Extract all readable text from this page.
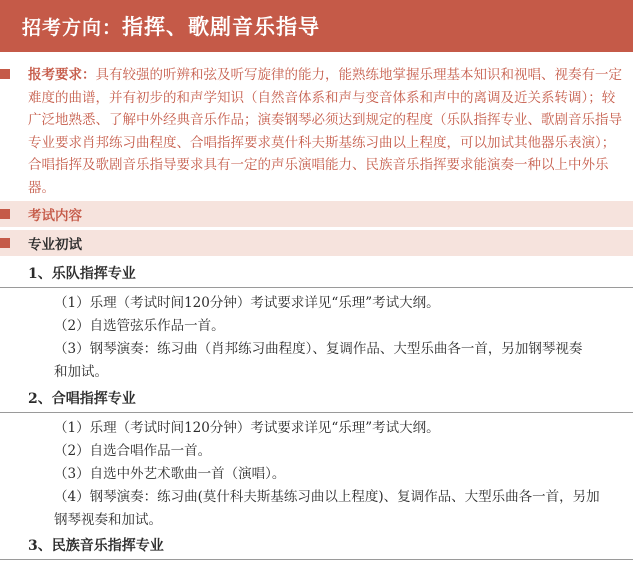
招考方向：指挥、歌剧音乐指导

报考要求：具有较强的听辨和弦及听写旋律的能力，能熟练地掌握乐理基本知识和视唱、视奏有一定难度的曲谱，并有初步的和声学知识（自然音体系和声与变音体系和声中的离调及近关系转调）；较广泛地熟悉、了解中外经典音乐作品；演奏钢琴必须达到规定的程度（乐队指挥专业、歌剧音乐指导专业要求肖邦练习曲程度、合唱指挥要求莫什科夫斯基练习曲以上程度，可以加试其他器乐表演）；合唱指挥及歌剧音乐指导要求具有一定的声乐演唱能力、民族音乐指挥要求能演奏一种以上中外乐器。

考试内容
专业初试
1、乐队指挥专业
（1）乐理（考试时间120分钟）考试要求详见“乐理”考试大纲。
（2）自选管弦乐作品一首。
（3）钢琴演奏：练习曲（肖邦练习曲程度）、复调作品、大型乐曲各一首，另加钢琴视奏
和加试。
2、合唱指挥专业
（1）乐理（考试时间120分钟）考试要求详见“乐理”考试大纲。
（2）自选合唱作品一首。
（3）自选中外艺术歌曲一首（演唱）。
（4）钢琴演奏：练习曲(莫什科夫斯基练习曲以上程度)、复调作品、大型乐曲各一首，另加
钢琴视奏和加试。
3、民族音乐指挥专业
